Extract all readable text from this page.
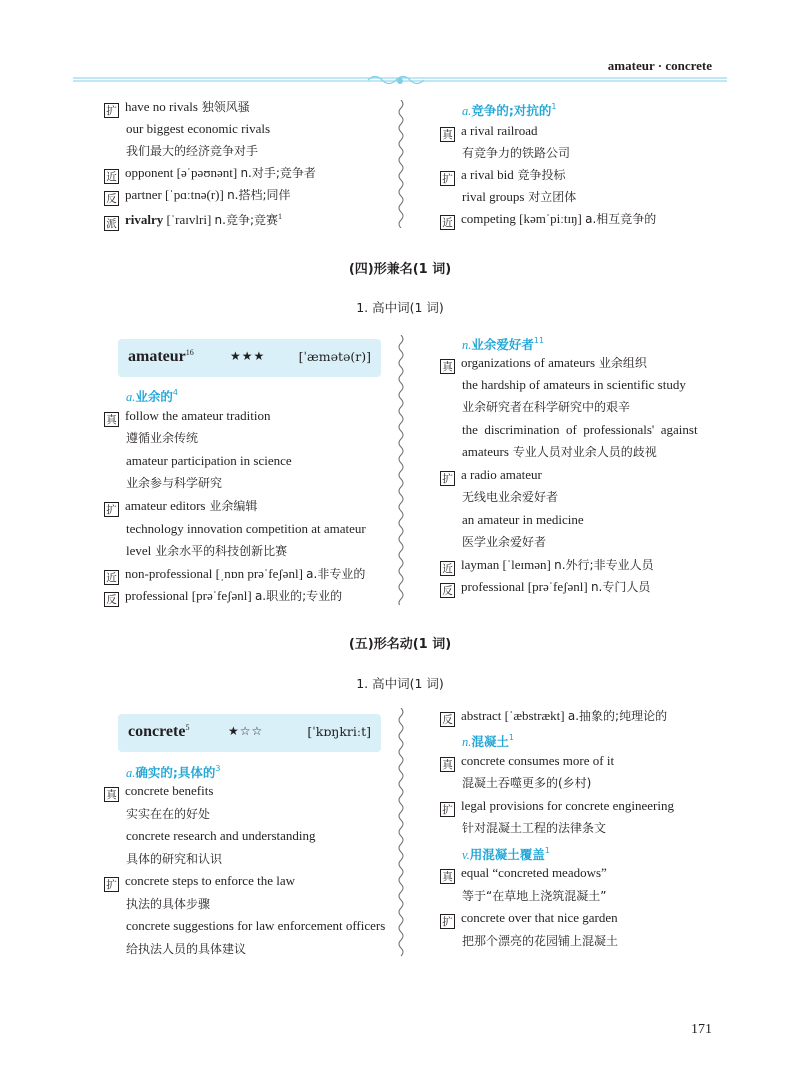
amateur · concrete
扩 have no rivals 独领风骚
our biggest economic rivals
我们最大的经济竞争对手
近 opponent [əˈpəʊnənt] n.对手;竞争者
反 partner [ˈpɑːtnə(r)] n.搭档;同伴
派 rivalry [ˈraɪvlri] n.竞争;竞赛$^1$
a.竞争的;对抗的$^1$
真 a rival railroad
有竞争力的铁路公司
扩 a rival bid 竞争投标
rival groups 对立团体
近 competing [kəmˈpiːtɪŋ] a.相互竞争的
(四)形兼名(1 词)
1. 高中词(1 词)
amateur$^{16}$	★★★	[ˈæmətə(r)]
a.业余的$^4$
真 follow the amateur tradition
遵循业余传统
amateur participation in science
业余参与科学研究
扩 amateur editors 业余编辑
technology innovation competition at amateur
level 业余水平的科技创新比赛
近 non-professional [ˌnɒn prəˈfeʃənl] a.非专业的
反 professional [prəˈfeʃənl] a.职业的;专业的
n.业余爱好者$^{11}$
真 organizations of amateurs 业余组织
the hardship of amateurs in scientific study
业余研究者在科学研究中的艰辛
the  discrimination  of  professionals'  against
amateurs 专业人员对业余人员的歧视
扩 a radio amateur
无线电业余爱好者
an amateur in medicine
医学业余爱好者
近 layman [ˈleɪmən] n.外行;非专业人员
反 professional [prəˈfeʃənl] n.专门人员
(五)形名动(1 词)
1. 高中词(1 词)
concrete$^5$	★☆☆	[ˈkɒŋkriːt]
a.确实的;具体的$^3$
真 concrete benefits
实实在在的好处
concrete research and understanding
具体的研究和认识
扩 concrete steps to enforce the law
执法的具体步骤
concrete suggestions for law enforcement officers
给执法人员的具体建议
反 abstract [ˈæbstrækt] a.抽象的;纯理论的
n.混凝土$^1$
真 concrete consumes more of it
混凝土吞噬更多的(乡村)
扩 legal provisions for concrete engineering
针对混凝土工程的法律条文
v.用混凝土覆盖$^1$
真 equal “concreted meadows”
等于“在草地上浇筑混凝土”
扩 concrete over that nice garden
把那个漂亮的花园铺上混凝土
171
